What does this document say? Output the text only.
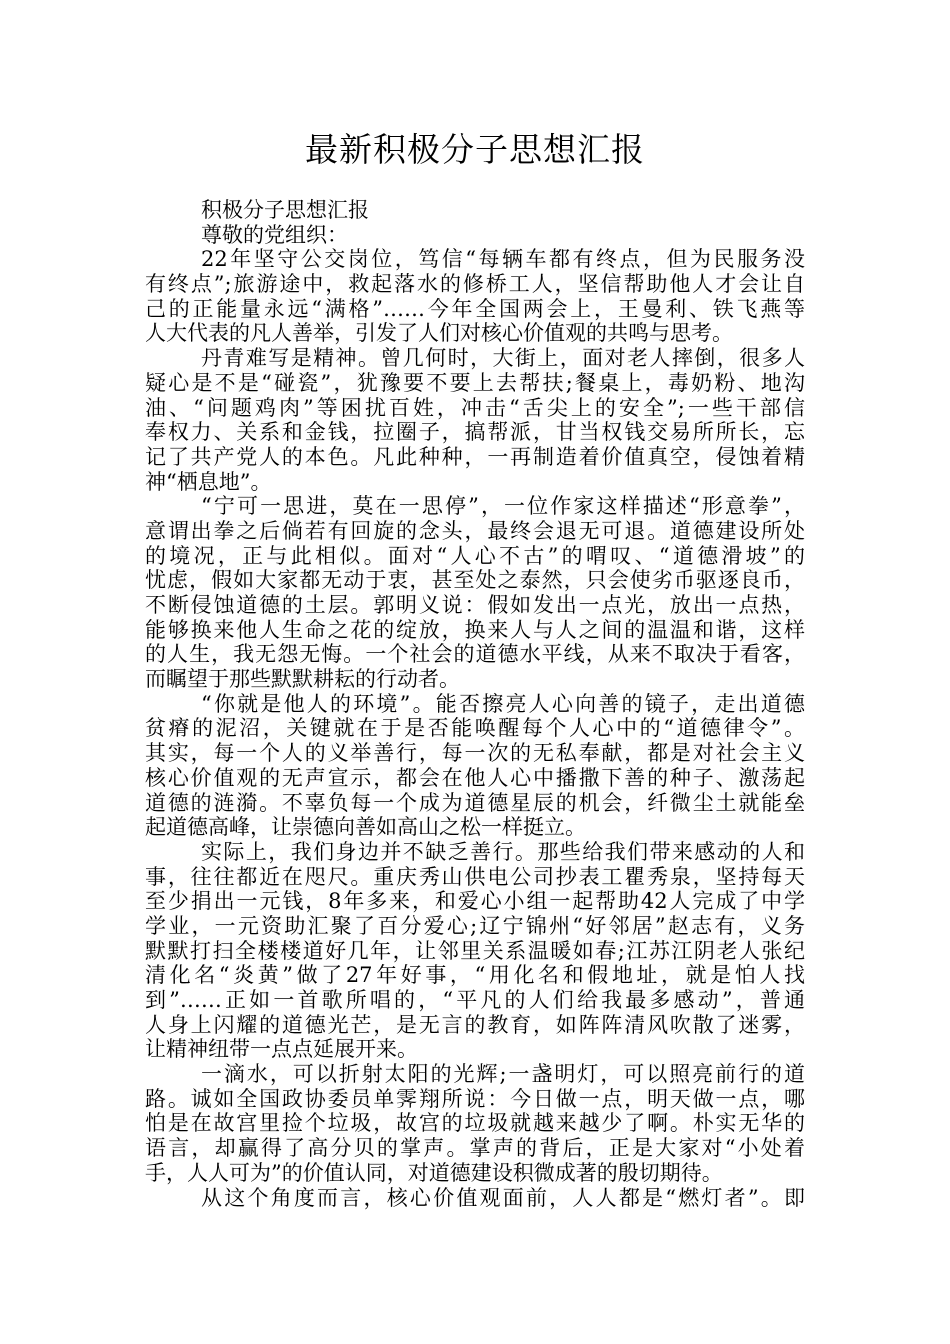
最新积极分子思想汇报
积极分子思想汇报
尊敬的党组织：
22年坚守公交岗位，笃信“每辆车都有终点，但为民服务没
有终点”;旅游途中，救起落水的修桥工人，坚信帮助他人才会让自
己的正能量永远“满格”……今年全国两会上，王曼利、铁飞燕等
人大代表的凡人善举，引发了人们对核心价值观的共鸣与思考。
丹青难写是精神。曾几何时，大街上，面对老人摔倒，很多人
疑心是不是“碰瓷”，犹豫要不要上去帮扶;餐桌上，毒奶粉、地沟
油、“问题鸡肉”等困扰百姓，冲击“舌尖上的安全”;一些干部信
奉权力、关系和金钱，拉圈子，搞帮派，甘当权钱交易所所长，忘
记了共产党人的本色。凡此种种，一再制造着价值真空，侵蚀着精
神“栖息地”。
“宁可一思进，莫在一思停”，一位作家这样描述“形意拳”，
意谓出拳之后倘若有回旋的念头，最终会退无可退。道德建设所处
的境况，正与此相似。面对“人心不古”的喟叹、“道德滑坡”的
忧虑，假如大家都无动于衷，甚至处之泰然，只会使劣币驱逐良币，
不断侵蚀道德的土层。郭明义说：假如发出一点光，放出一点热，
能够换来他人生命之花的绽放，换来人与人之间的温温和谐，这样
的人生，我无怨无悔。一个社会的道德水平线，从来不取决于看客，
而瞩望于那些默默耕耘的行动者。
“你就是他人的环境”。能否擦亮人心向善的镜子，走出道德
贫瘠的泥沼，关键就在于是否能唤醒每个人心中的“道德律令”。
其实，每一个人的义举善行，每一次的无私奉献，都是对社会主义
核心价值观的无声宣示，都会在他人心中播撒下善的种子、激荡起
道德的涟漪。不辜负每一个成为道德星辰的机会，纤微尘土就能垒
起道德高峰，让崇德向善如高山之松一样挺立。
实际上，我们身边并不缺乏善行。那些给我们带来感动的人和
事，往往都近在咫尺。重庆秀山供电公司抄表工瞿秀泉，坚持每天
至少捐出一元钱，8年多来，和爱心小组一起帮助42人完成了中学
学业，一元资助汇聚了百分爱心;辽宁锦州“好邻居”赵志有，义务
默默打扫全楼楼道好几年，让邻里关系温暖如春;江苏江阴老人张纪
清化名“炎黄”做了27年好事，“用化名和假地址，就是怕人找
到”……正如一首歌所唱的，“平凡的人们给我最多感动”，普通
人身上闪耀的道德光芒，是无言的教育，如阵阵清风吹散了迷雾，
让精神纽带一点点延展开来。
一滴水，可以折射太阳的光辉;一盏明灯，可以照亮前行的道
路。诚如全国政协委员单霁翔所说：今日做一点，明天做一点，哪
怕是在故宫里捡个垃圾，故宫的垃圾就越来越少了啊。朴实无华的
语言，却赢得了高分贝的掌声。掌声的背后，正是大家对“小处着
手，人人可为”的价值认同，对道德建设积微成著的殷切期待。
从这个角度而言，核心价值观面前，人人都是“燃灯者”。即
